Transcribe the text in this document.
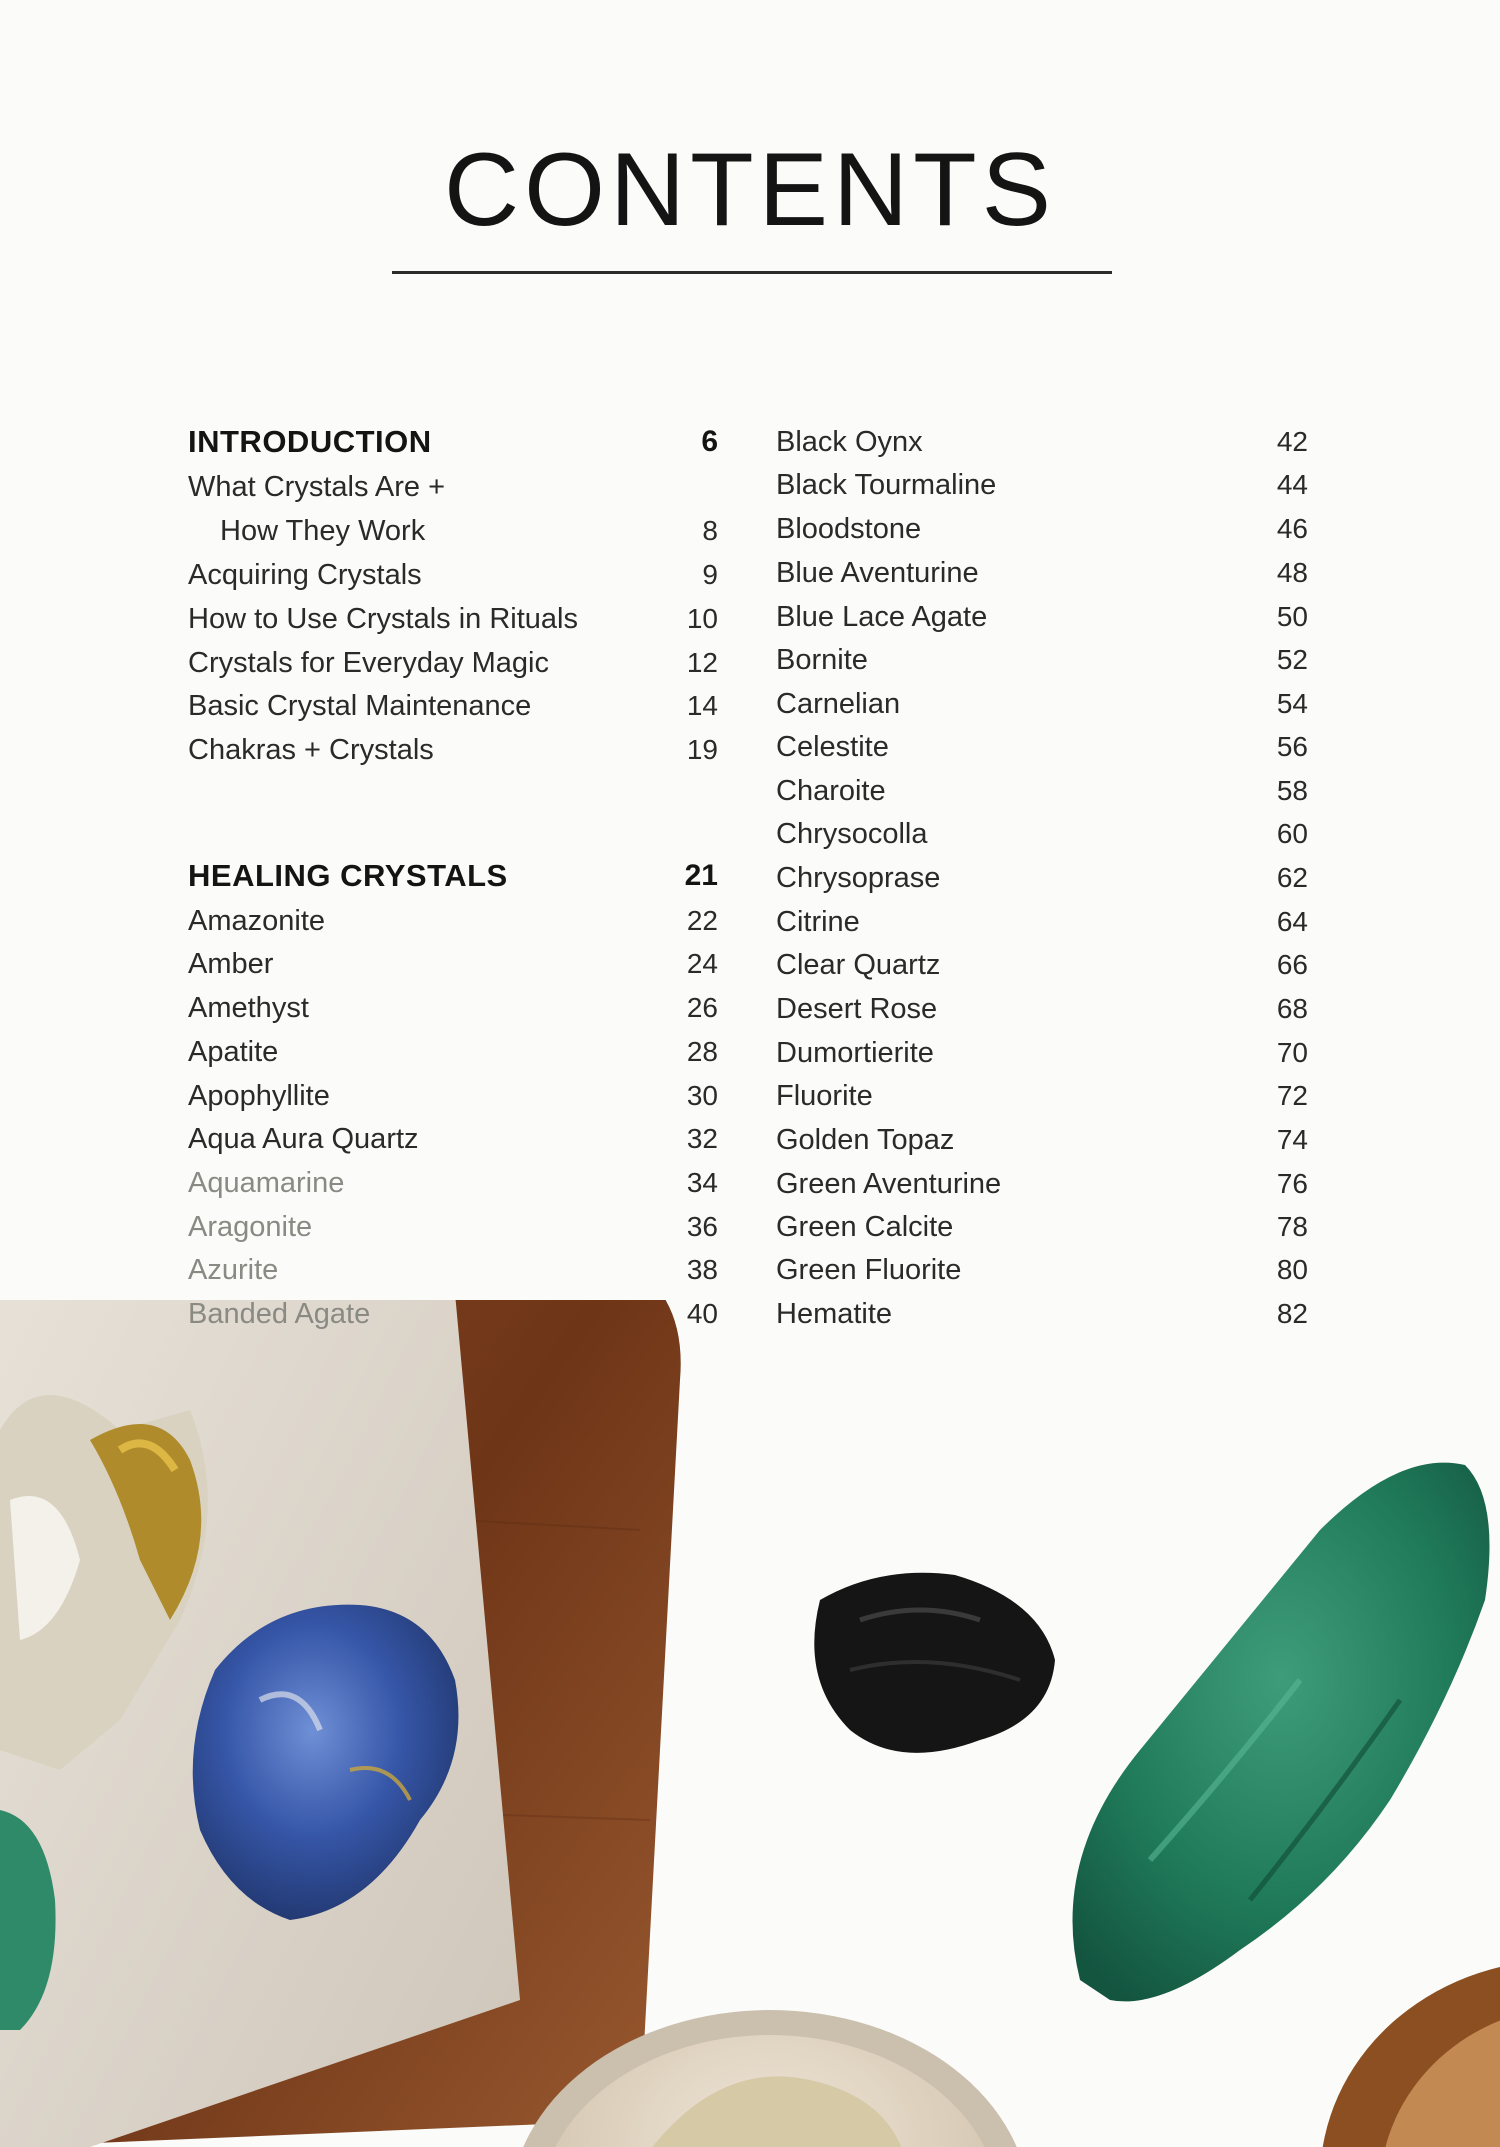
CONTENTS
INTRODUCTION	6
What Crystals Are +
How They Work	8
Acquiring Crystals	9
How to Use Crystals in Rituals	10
Crystals for Everyday Magic	12
Basic Crystal Maintenance	14
Chakras + Crystals	19
HEALING CRYSTALS	21
Amazonite	22
Amber	24
Amethyst	26
Apatite	28
Apophyllite	30
Aqua Aura Quartz	32
Aquamarine	34
Aragonite	36
Azurite	38
Banded Agate	40
Black Oynx	42
Black Tourmaline	44
Bloodstone	46
Blue Aventurine	48
Blue Lace Agate	50
Bornite	52
Carnelian	54
Celestite	56
Charoite	58
Chrysocolla	60
Chrysoprase	62
Citrine	64
Clear Quartz	66
Desert Rose	68
Dumortierite	70
Fluorite	72
Golden Topaz	74
Green Aventurine	76
Green Calcite	78
Green Fluorite	80
Hematite	82
